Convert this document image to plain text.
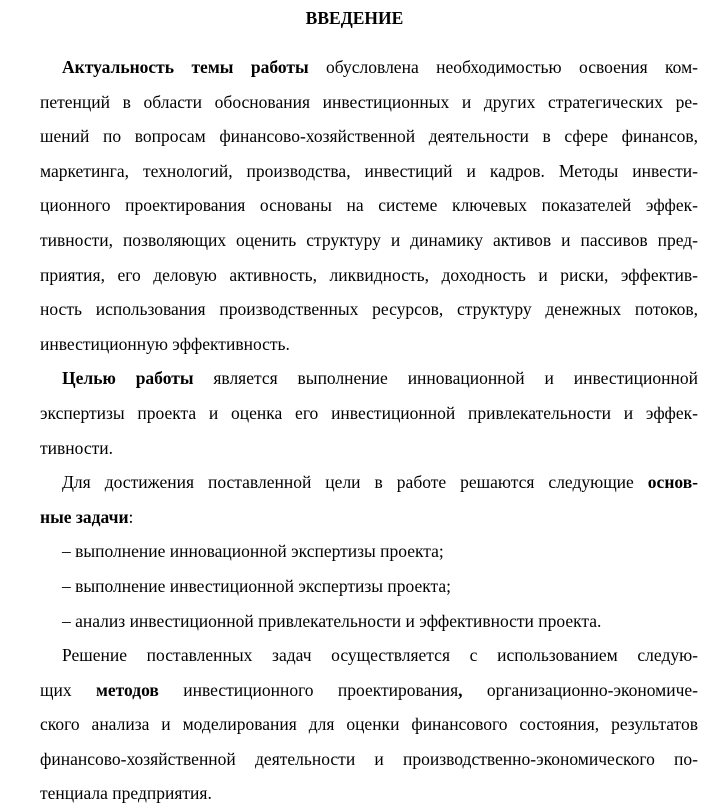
ВВЕДЕНИЕ
Актуальность темы работы обусловлена необходимостью освоения ком-
петенций в области обоснования инвестиционных и других стратегических ре-
шений по вопросам финансово-хозяйственной деятельности в сфере финансов,
маркетинга, технологий, производства, инвестиций и кадров. Методы инвести-
ционного проектирования основаны на системе ключевых показателей эффек-
тивности, позволяющих оценить структуру и динамику активов и пассивов пред-
приятия, его деловую активность, ликвидность, доходность и риски, эффектив-
ность использования производственных ресурсов, структуру денежных потоков,
инвестиционную эффективность.
Целью работы является выполнение инновационной и инвестиционной
экспертизы проекта и оценка его инвестиционной привлекательности и эффек-
тивности.
Для достижения поставленной цели в работе решаются следующие основ-
ные задачи:
– выполнение инновационной экспертизы проекта;
– выполнение инвестиционной экспертизы проекта;
– анализ инвестиционной привлекательности и эффективности проекта.
Решение поставленных задач осуществляется с использованием следую-
щих методов инвестиционного проектирования, организационно-экономиче-
ского анализа и моделирования для оценки финансового состояния, результатов
финансово-хозяйственной деятельности и производственно-экономического по-
тенциала предприятия.
